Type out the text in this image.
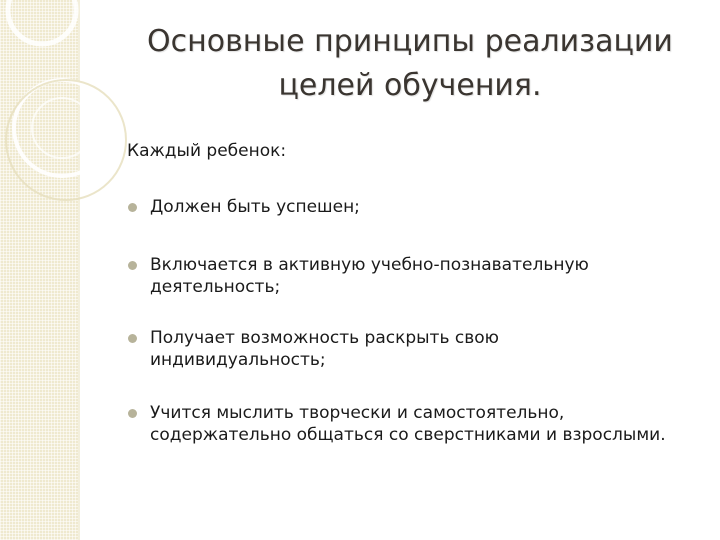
Основные принципы реализации
целей обучения.

Каждый ребенок:

Должен быть успешен;
Включается в активную учебно-познавательную
деятельность;
Получает возможность раскрыть свою
индивидуальность;
Учится мыслить творчески и самостоятельно,
содержательно общаться со сверстниками и взрослыми.
